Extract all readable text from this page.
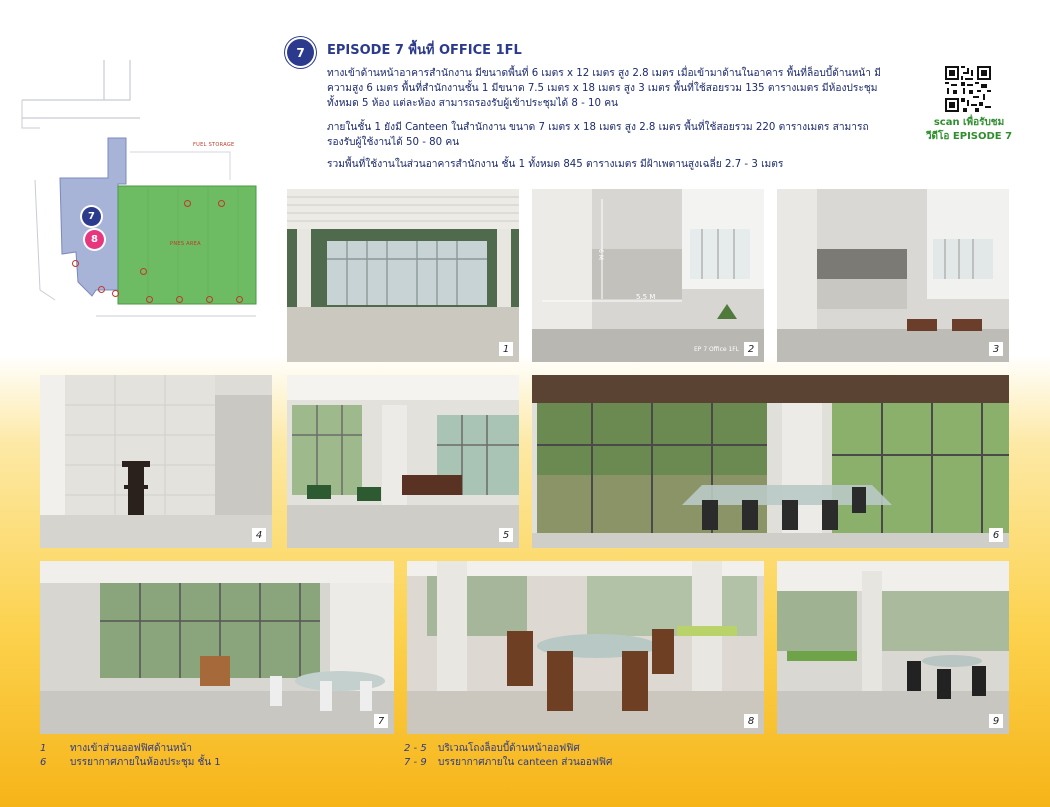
FUEL STORAGE
PNES AREA
7
8
7	EPISODE 7 พื้นที่ OFFICE 1FL
ทางเข้าด้านหน้าอาคารสำนักงาน มีขนาดพื้นที่ 6 เมตร x 12 เมตร สูง 2.8 เมตร เมื่อเข้ามาด้านในอาคาร พื้นที่ล็อบบี้ด้านหน้า มีความสูง 6 เมตร พื้นที่สำนักงานชั้น 1 มีขนาด 7.5 เมตร x 18 เมตร สูง 3 เมตร พื้นที่ใช้สอยรวม 135 ตารางเมตร มีห้องประชุมทั้งหมด 5 ห้อง แต่ละห้อง สามารถรองรับผู้เข้าประชุมได้ 8 - 10 คน
ภายในชั้น 1 ยังมี Canteen ในสำนักงาน ขนาด 7 เมตร x 18 เมตร สูง 2.8 เมตร พื้นที่ใช้สอยรวม 220 ตารางเมตร สามารถรองรับผู้ใช้งานได้ 50 - 80 คน
รวมพื้นที่ใช้งานในส่วนอาคารสำนักงาน ชั้น 1 ทั้งหมด 845 ตารางเมตร มีฝ้าเพดานสูงเฉลี่ย 2.7 - 3 เมตร
scan เพื่อรับชม
วีดีโอ EPISODE 7
1
6 M
5.5 M
EP 7 Office 1FL 2	3
4	5	6
7	8	9
1 ทางเข้าส่วนออฟฟิศด้านหน้า
6 บรรยากาศภายในห้องประชุม ชั้น 1
2 - 5 บริเวณโถงล็อบบี้ด้านหน้าออฟฟิศ
7 - 9 บรรยากาศภายใน canteen ส่วนออฟฟิศ
